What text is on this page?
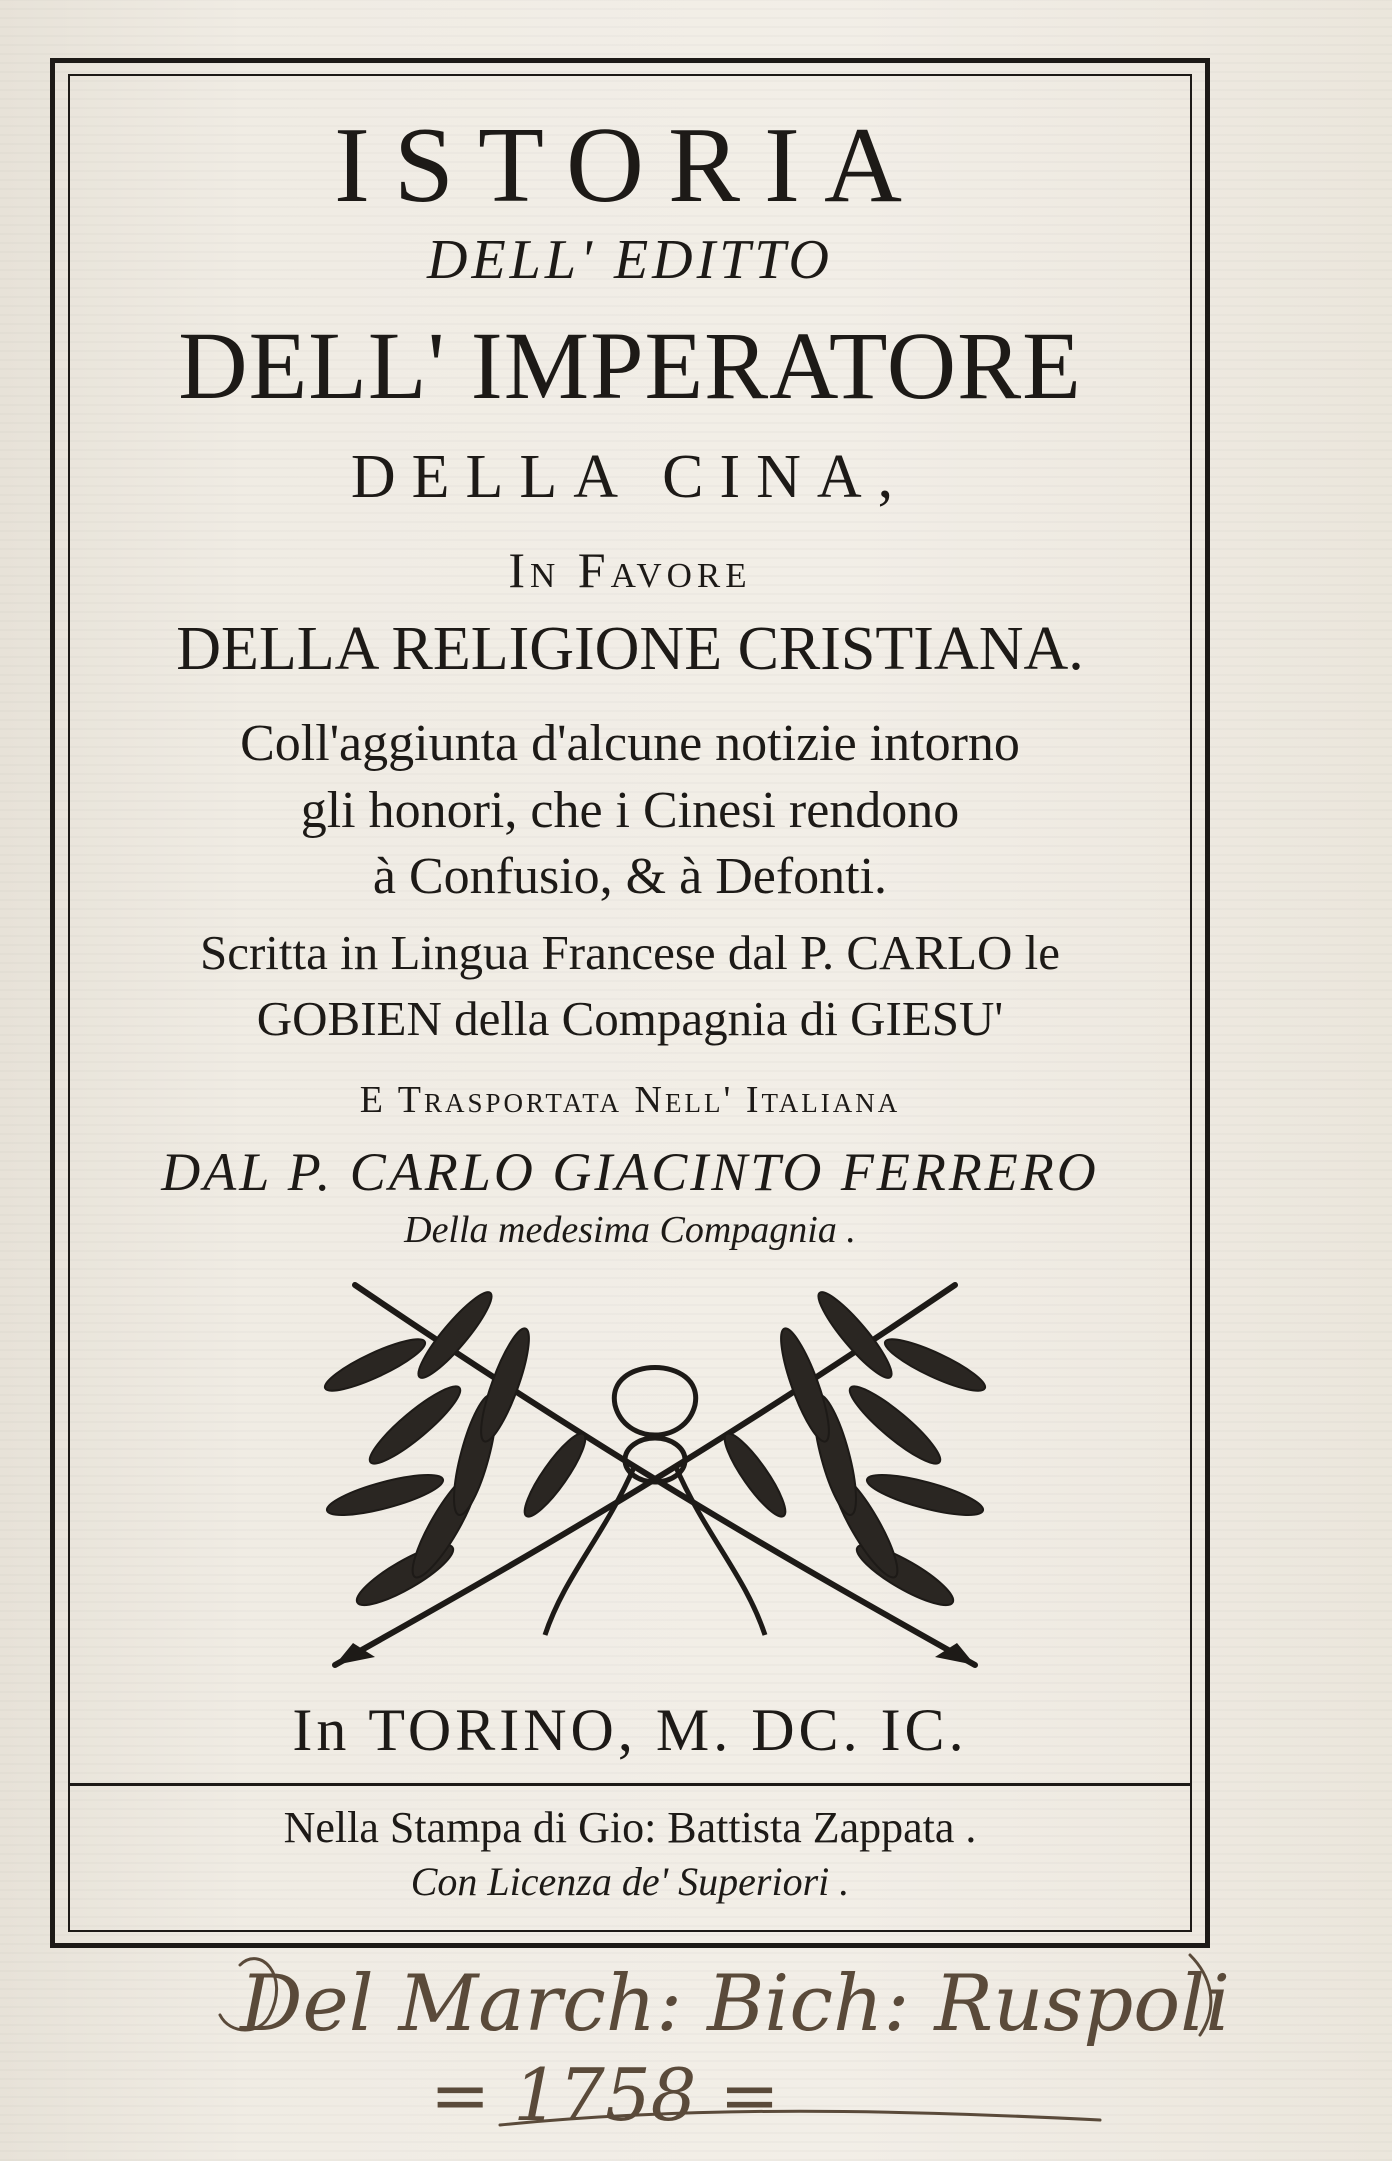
ISTORIA
DELL' EDITTO
DELL' IMPERATORE
DELLA CINA,
In Favore
DELLA RELIGIONE CRISTIANA.
Coll'aggiunta d'alcune notizie intorno
gli honori, che i Cinesi rendono
à Confusio, & à Defonti.
Scritta in Lingua Francese dal P. CARLO le
GOBIEN della Compagnia di GIESU'
E Trasportata Nell' Italiana
DAL P. CARLO GIACINTO FERRERO
Della medesima Compagnia .
In TORINO, M. DC. IC.
Nella Stampa di Gio: Battista Zappata .
Con Licenza de' Superiori .
Del March: Bich: Ruspoli
= 1758 =
